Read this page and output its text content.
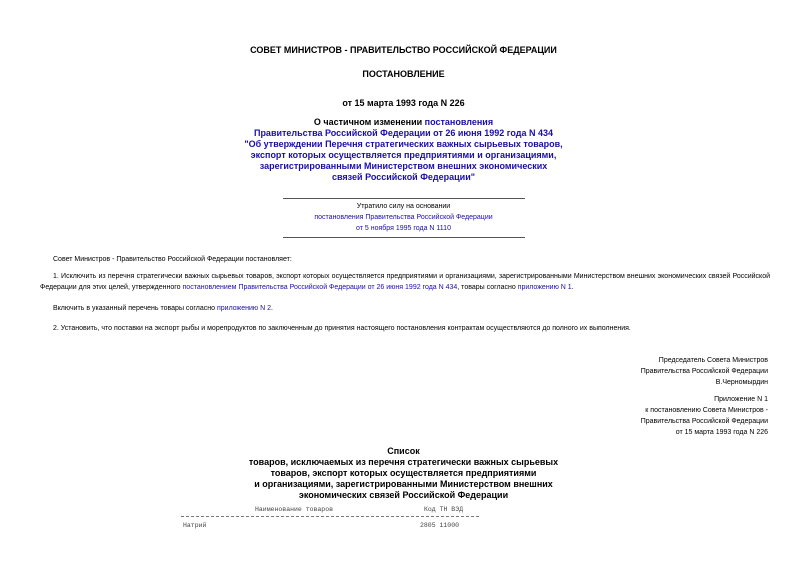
СОВЕТ МИНИСТРОВ - ПРАВИТЕЛЬСТВО РОССИЙСКОЙ ФЕДЕРАЦИИ
ПОСТАНОВЛЕНИЕ
от 15 марта 1993 года N 226
О частичном изменении постановления
Правительства Российской Федерации от 26 июня 1992 года N 434
"Об утверждении Перечня стратегических важных сырьевых товаров,
экспорт которых осуществляется предприятиями и организациями,
зарегистрированными Министерством внешних экономических
связей Российской Федерации"
Утратило силу на основании
постановления Правительства Российской Федерации
от 5 ноября 1995 года N 1110
Совет Министров - Правительство Российской Федерации постановляет:
1. Исключить из перечня стратегически важных сырьевых товаров, экспорт которых осуществляется предприятиями и организациями, зарегистрированными Министерством внешних экономических связей Российской Федерации для этих целей, утвержденного постановлением Правительства Российской Федерации от 26 июня 1992 года N 434, товары согласно приложению N 1.
Включить в указанный перечень товары согласно приложению N 2.
2. Установить, что поставки на экспорт рыбы и морепродуктов по заключенным до принятия настоящего постановления контрактам осуществляются до полного их выполнения.
Председатель Совета Министров
Правительства Российской Федерации
В.Черномырдин
Приложение N 1
к постановлению Совета Министров -
Правительства Российской Федерации
от 15 марта 1993 года N 226
Список
товаров, исключаемых из перечня стратегически важных сырьевых
товаров, экспорт которых осуществляется предприятиями
и организациями, зарегистрированными Министерством внешних
экономических связей Российской Федерации
Наименование товаров	Код ТН ВЭД
Натрий	2805 11000
